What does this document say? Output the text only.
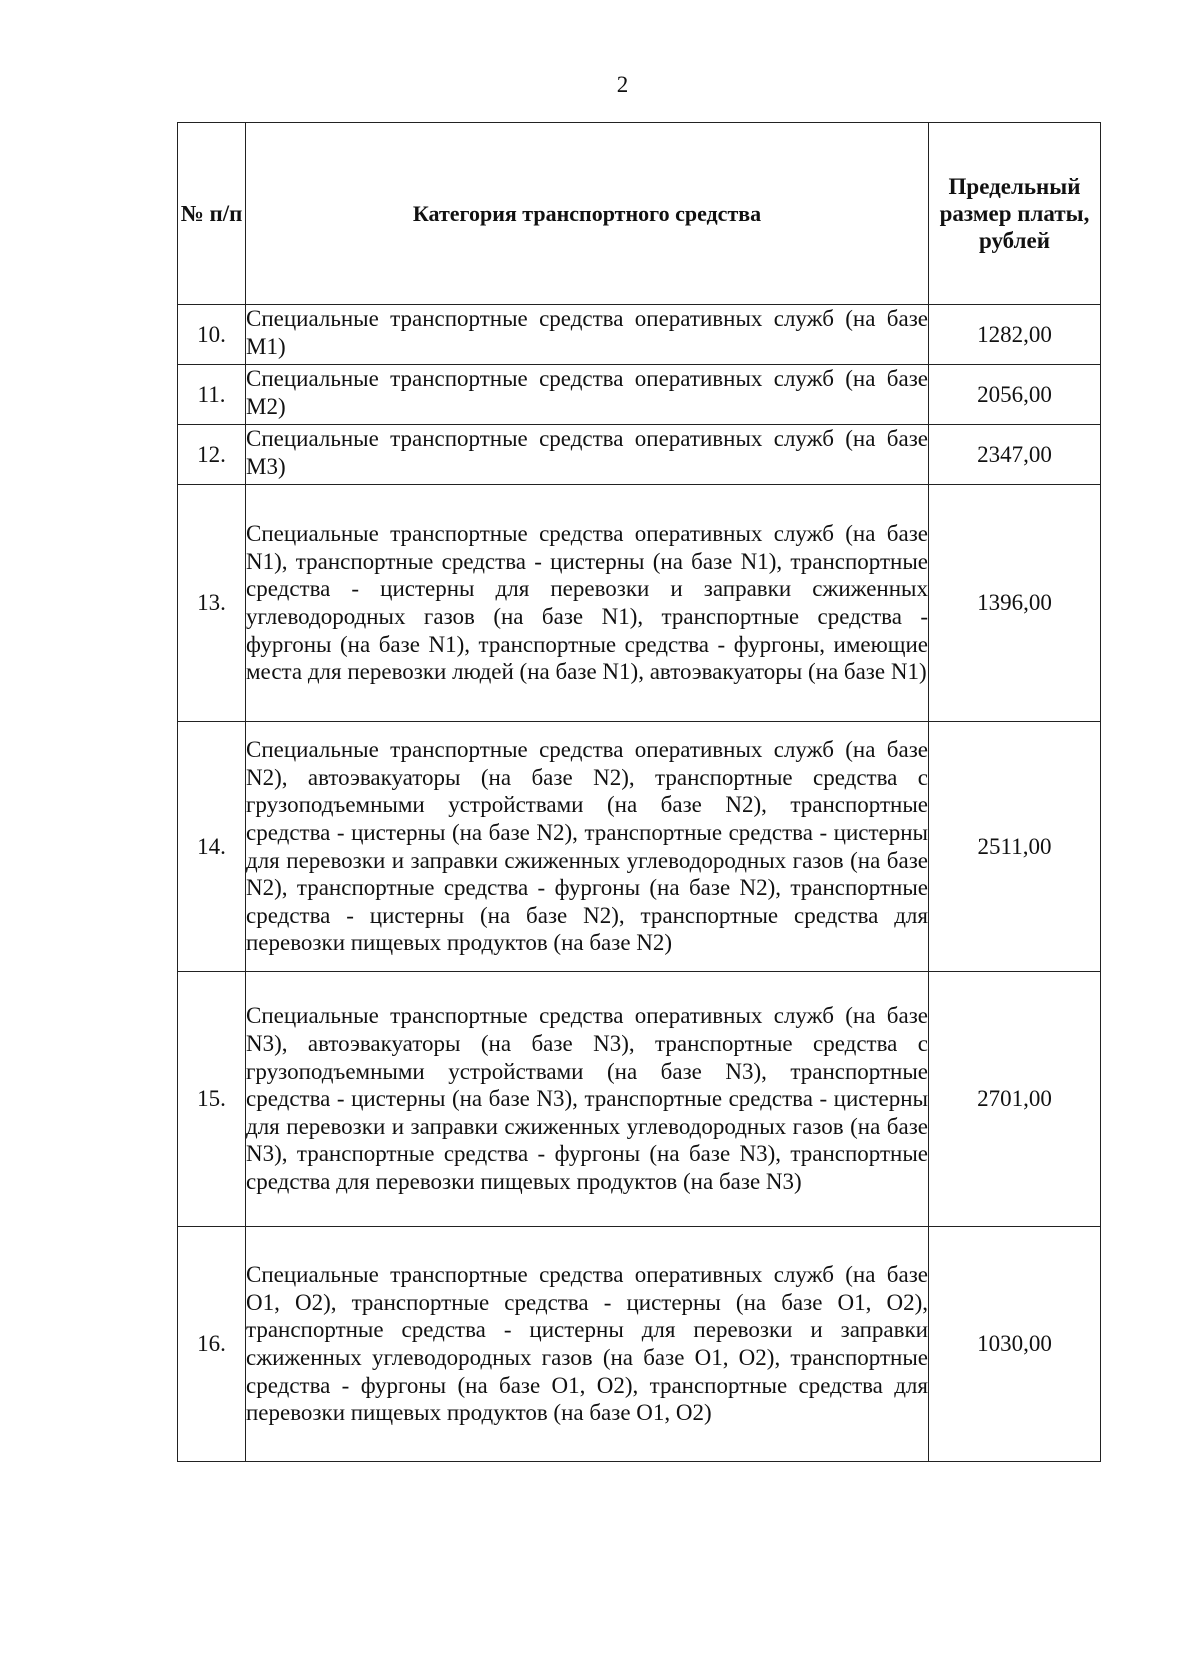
2
№ п/п	Категория транспортного средства	Предельный размер платы, рублей
10.	Специальные транспортные средства оперативных служб (на базе M1)	1282,00
11.	Специальные транспортные средства оперативных служб (на базе M2)	2056,00
12.	Специальные транспортные средства оперативных служб (на базе M3)	2347,00
13.	Специальные транспортные средства оперативных служб (на базе N1), транспортные средства - цистерны (на базе N1), транспортные средства - цистерны для перевозки и заправки сжиженных углеводородных газов (на базе N1), транспортные средства - фургоны (на базе N1), транспортные средства - фургоны, имеющие места для перевозки людей (на базе N1), автоэвакуаторы (на базе N1)	1396,00
14.	Специальные транспортные средства оперативных служб (на базе N2), автоэвакуаторы (на базе N2), транспортные средства с грузоподъемными устройствами (на базе N2), транспортные средства - цистерны (на базе N2), транспортные средства - цистерны для перевозки и заправки сжиженных углеводородных газов (на базе N2), транспортные средства - фургоны (на базе N2), транспортные средства - цистерны (на базе N2), транспортные средства для перевозки пищевых продуктов (на базе N2)	2511,00
15.	Специальные транспортные средства оперативных служб (на базе N3), автоэвакуаторы (на базе N3), транспортные средства с грузоподъемными устройствами (на базе N3), транспортные средства - цистерны (на базе N3), транспортные средства - цистерны для перевозки и заправки сжиженных углеводородных газов (на базе N3), транспортные средства - фургоны (на базе N3), транспортные средства для перевозки пищевых продуктов (на базе N3)	2701,00
16.	Специальные транспортные средства оперативных служб (на базе O1, O2), транспортные средства - цистерны (на базе O1, O2), транспортные средства - цистерны для перевозки и заправки сжиженных углеводородных газов (на базе O1, O2), транспортные средства - фургоны (на базе O1, O2), транспортные средства для перевозки пищевых продуктов (на базе O1, O2)	1030,00
